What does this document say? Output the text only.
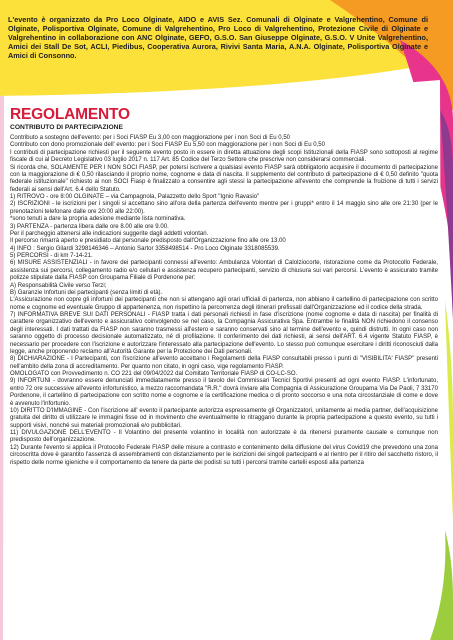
L'evento è organizzato da Pro Loco Olginate, AIDO e AVIS Sez. Comunali di Olginate e Valgrehentino, Comune di Olginate, Polisportiva Olginate, Comune di Valgrehentino, Pro Loco di Valgrehentino, Protezione Civile di Olginate e Valgrehentino in collaborazione con ANC Olginate, GEFO, G.S.O. San Giuseppe Olginate, G.S.O. V Unite Valgrehentino, Amici dei Stall De Sot, ACLI, Piedibus, Cooperativa Aurora, Rivivi Santa Maria, A.N.A. Olginate, Polisportiva Olginate e Amici di Consonno.

REGOLAMENTO
CONTRIBUTO DI PARTECIPAZIONE

Contributo a sostegno dell'evento: per i Soci FIASP Eu 3,00 con maggiorazione per i non Soci di Eu 0,50

Contributo con dono promozionale dell' evento: per i Soci FIASP Eu 5,50 con maggiorazione per i non Soci di Eu 0,50

I contributi di partecipazione richiesti per il seguente evento posto in essere in diretta attuazione degli scopi Istituzionali della FIASP sono sottoposti al regime fiscale di cui al Decreto Legislativo 03 luglio 2017 n. 117 Art. 85 Codice del Terzo Settore che prescrive non considerarsi commerciali.

Si ricorda che, SOLAMENTE PER I NON SOCI FIASP, per potersi iscrivere a qualsiasi evento FIASP sarà obbligatorio acquisire il documento di partecipazione con la maggiorazione di € 0,50 rilasciando il proprio nome, cognome e data di nascita. Il supplemento del contributo di partecipazione di € 0,50 definito "quota federale istituzionale" richiesto ai non SOCI Fiasp è finalizzato a consentire agli stessi la partecipazione all'evento che comprende la fruizione di tutti i servizi federali ai sensi dell'Art. 6.4 dello Statuto.

1) RITROVO - ore 8:00 OLGINATE – via Campagnola, Palazzetto dello Sport "Ignio Ravasio"

2) ISCRIZIONI - le iscrizioni per i singoli si accettano sino all'ora della partenza dell'evento mentre per i gruppi* entro il 14 maggio sino alle ore 21:30 (per le prenotazioni telefonare dalle ore 20:00 alle 22:00).

*sono tenuti a dare la propria adesione mediante lista nominativa.

3) PARTENZA - partenza libera dalle ore 8.00 alle ore 9.00.

Per il parcheggio attenersi alle indicazioni suggerite dagli addetti volontari.

Il percorso rimarrà aperto e presidiato dal personale predisposto dall'Organizzazione fino alle ore 13.00

4) INFO : Sergio Gilardi 3298146346 – Antonio Sartor 3358498514 - Pro Loco Olginate 3318085539.

5) PERCORSI - di km 7-14-21.

6) MISURE ASSISTENZIALI - in favore dei partecipanti connessi all'evento: Ambulanza Volontari di Calolziocorte, ristorazione come da Protocollo Federale, assistenza sui percorsi, collegamento radio e/o cellulari e assistenza recupero partecipanti, servizio di chiusura sui vari percorsi. L'evento è assicurato tramite polizze stipulate dalla FIASP con Groupama Filiale di Pordenone per:

A) Responsabilità Civile verso Terzi;

B) Garanzie Infortuni dei partecipanti (senza limiti di età).

L'Assicurazione non copre gli infortuni dei partecipanti che non si attengano agli orari ufficiali di partenza, non abbiano il cartellino di partecipazione con scritto nome e cognome ed eventuale Gruppo di appartenenza, non rispettino la percorrenza degli itinerari prefissati dall'Organizzazione ed il codice della strada.

7) INFORMATIVA BREVE SUI DATI PERSONALI - FIASP tratta i dati personali richiesti in fase d'iscrizione (nome cognome e data di nascita) per finalità di carattere organizzativo dell'evento e assicurativo coinvolgendo se nel caso, la Compagnia Assicurativa Spa. Entrambe le finalità NON richiedono il consenso degli interessati. I dati trattati da FIASP non saranno trasmessi all'estero e saranno conservati sino al termine dell'evento e, quindi distrutti. In ogni caso non saranno oggetto di processo decisionale automatizzato, né di profilazione. Il conferimento dei dati richiesti, ai sensi dell'ART. 6.4 vigente Statuto FIASP, è necessario per procedere con l'iscrizione e autorizzare l'interessato alla partecipazione dell'evento. Lo stesso può comunque esercitare i diritti riconosciuti dalla legge, anche proponendo reclamo all'Autorità Garante per la Protezione dei Dati personali.

8) DICHIARAZIONE - I Partecipanti, con l'iscrizione all'evento accettano i Regolamenti della FIASP consultabili presso i punti di "VISIBILITA' FIASP" presenti nell'ambito della zona di accreditamento. Per quanto non citato, in ogni caso, vige regolamento FIASP.

OMOLOGATO con Provvedimento n. CO 221 del 09/04/2022 dal Comitato Territoriale FIASP di CO-LC-SO.

9) INFORTUNI - dovranno essere denunciati immediatamente presso il tavolo dei Commissari Tecnici Sportivi presenti ad ogni evento FIASP. L'infortunato, entro 72 ore successive all'evento infortunistico, a mezzo raccomandata "R.R." dovrà inviare alla Compagnia di Assicurazione Groupama Via De Paoli, 7 33170 Pordenone, il cartellino di partecipazione con scritto nome e cognome e la certificazione medica o di pronto soccorso e una nota circostanziale di come e dove è avvenuto l'infortunio.

10) DIRITTO D'IMMAGINE - Con l'iscrizione all' evento il partecipante autorizza espressamente gli Organizzatori, unitamente ai media partner, dell'acquisizione gratuita del diritto di utilizzare le immagini fisse od in movimento che eventualmente lo ritraggano durante la propria partecipazione a questo evento, su tutti i supporti visivi, nonché sui materiali promozionali e/o pubblicitari.

11) DIVULGAZIONE DELL'EVENTO - Il Volantino del presente volantino in località non autorizzate è da ritenersi puramente causale e comunque non predisposto dell'organizzazione.

12) Durante l'evento si applica il Protocollo Federale FIASP delle misure a contrasto e contenimento della diffusione del virus Covid19 che prevedono una zona circoscritta dove è garantito l'assenza di assembramenti con distanziamento per le iscrizioni dei singoli partecipanti e al rientro per il ritiro del sacchetto ristoro, il rispetto delle norme igieniche e il comportamento da tenere da parte dei podisti su tutti i percorsi tramite cartelli esposti alla partenza
